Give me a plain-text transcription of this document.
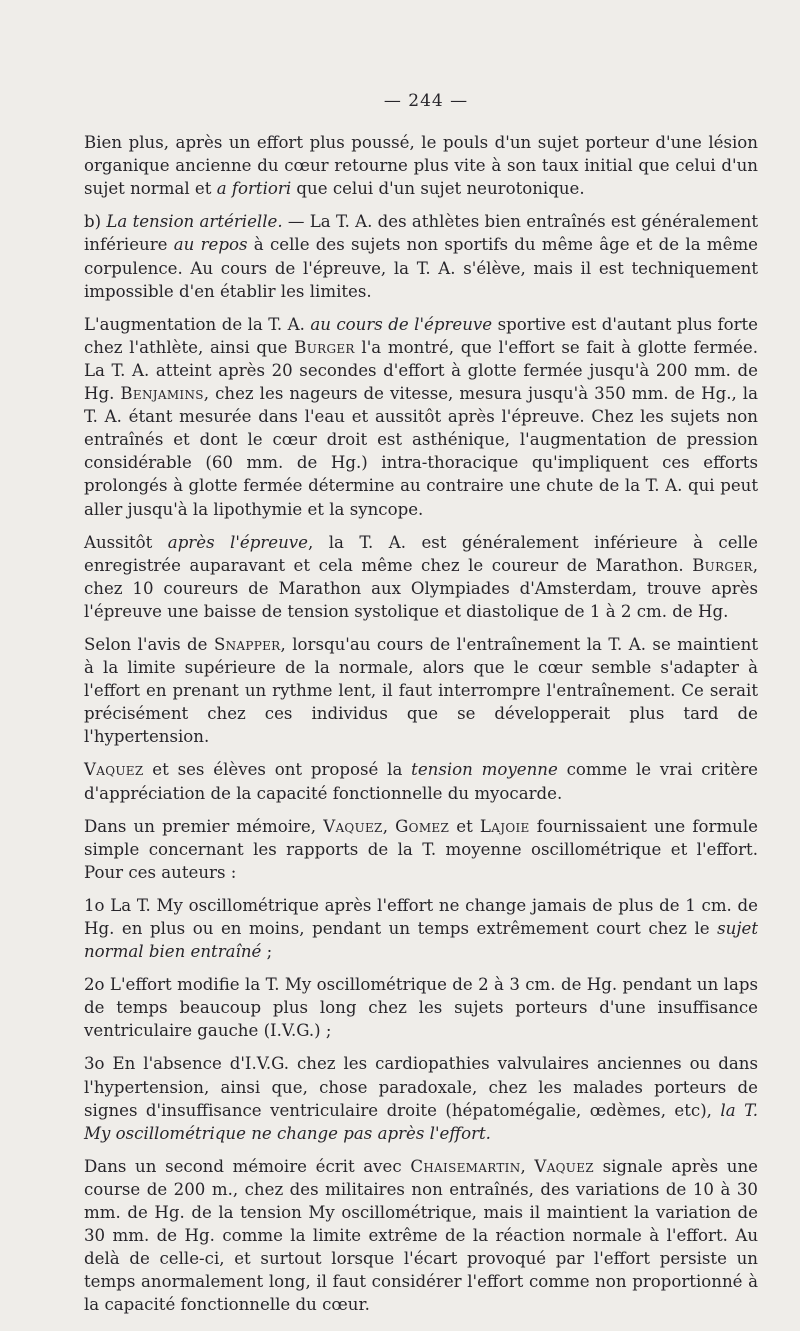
— 244 —

Bien plus, après un effort plus poussé, le pouls d'un sujet porteur d'une lésion organique ancienne du cœur retourne plus vite à son taux initial que celui d'un sujet normal et a fortiori que celui d'un sujet neurotonique.

b) La tension artérielle. — La T. A. des athlètes bien entraînés est généralement inférieure au repos à celle des sujets non sportifs du même âge et de la même corpulence. Au cours de l'épreuve, la T. A. s'élève, mais il est techniquement impossible d'en établir les limites.

L'augmentation de la T. A. au cours de l'épreuve sportive est d'autant plus forte chez l'athlète, ainsi que Burger l'a montré, que l'effort se fait à glotte fermée. La T. A. atteint après 20 secondes d'effort à glotte fermée jusqu'à 200 mm. de Hg. Benjamins, chez les nageurs de vitesse, mesura jusqu'à 350 mm. de Hg., la T. A. étant mesurée dans l'eau et aussitôt après l'épreuve. Chez les sujets non entraînés et dont le cœur droit est asthénique, l'augmentation de pression considérable (60 mm. de Hg.) intra-thoracique qu'impliquent ces efforts prolongés à glotte fermée détermine au contraire une chute de la T. A. qui peut aller jusqu'à la lipothymie et la syncope.

Aussitôt après l'épreuve, la T. A. est généralement inférieure à celle enregistrée auparavant et cela même chez le coureur de Marathon. Burger, chez 10 coureurs de Marathon aux Olympiades d'Amsterdam, trouve après l'épreuve une baisse de tension systolique et diastolique de 1 à 2 cm. de Hg.

Selon l'avis de Snapper, lorsqu'au cours de l'entraînement la T. A. se maintient à la limite supérieure de la normale, alors que le cœur semble s'adapter à l'effort en prenant un rythme lent, il faut interrompre l'entraînement. Ce serait précisément chez ces individus que se développerait plus tard de l'hypertension.

Vaquez et ses élèves ont proposé la tension moyenne comme le vrai critère d'appréciation de la capacité fonctionnelle du myocarde.

Dans un premier mémoire, Vaquez, Gomez et Lajoie fournissaient une formule simple concernant les rapports de la T. moyenne oscillométrique et l'effort. Pour ces auteurs :

1o La T. My oscillométrique après l'effort ne change jamais de plus de 1 cm. de Hg. en plus ou en moins, pendant un temps extrêmement court chez le sujet normal bien entraîné ;

2o L'effort modifie la T. My oscillométrique de 2 à 3 cm. de Hg. pendant un laps de temps beaucoup plus long chez les sujets porteurs d'une insuffisance ventriculaire gauche (I.V.G.) ;

3o En l'absence d'I.V.G. chez les cardiopathies valvulaires anciennes ou dans l'hypertension, ainsi que, chose paradoxale, chez les malades porteurs de signes d'insuffisance ventriculaire droite (hépatomégalie, œdèmes, etc), la T. My oscillométrique ne change pas après l'effort.

Dans un second mémoire écrit avec Chaisemartin, Vaquez signale après une course de 200 m., chez des militaires non entraînés, des variations de 10 à 30 mm. de Hg. de la tension My oscillométrique, mais il maintient la variation de 30 mm. de Hg. comme la limite extrême de la réaction normale à l'effort. Au delà de celle-ci, et surtout lorsque l'écart provoqué par l'effort persiste un temps anormalement long, il faut considérer l'effort comme non proportionné à la capacité fonctionnelle du cœur.
